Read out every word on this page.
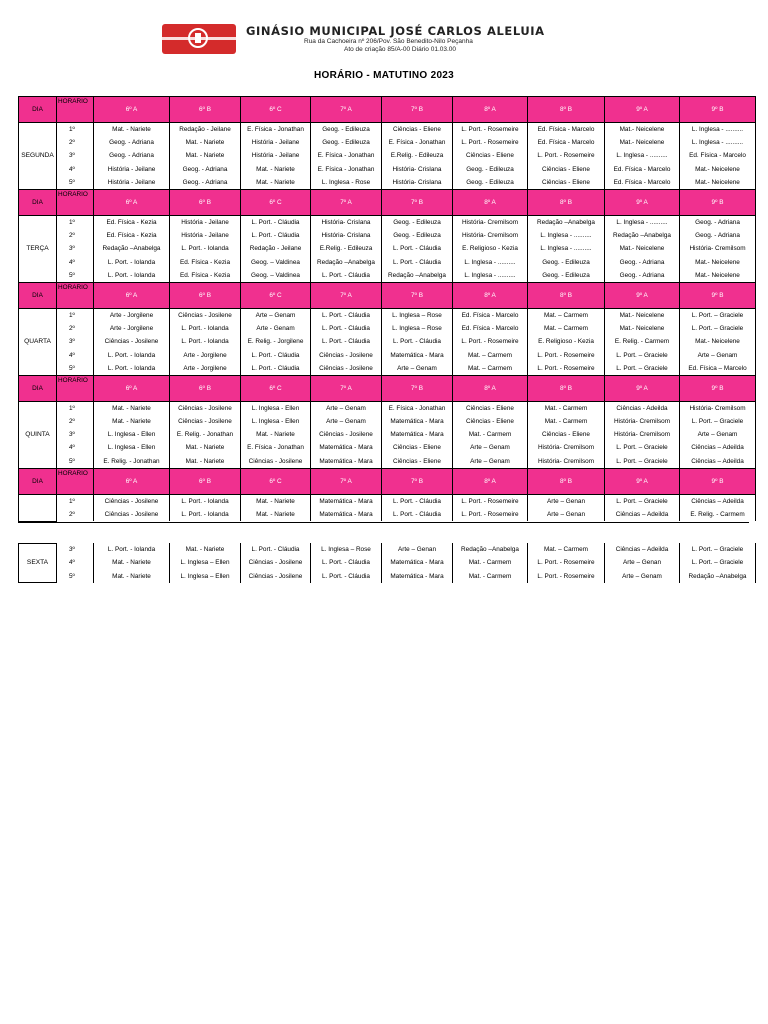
GINÁSIO MUNICIPAL JOSÉ CARLOS ALELUIA
Rua da Cachoeira nº 206/Pov. São Benedito-Nilo Peçanha
Ato de criação 85/A-00 Diário 01.03.00
HORÁRIO - MATUTINO 2023
DIA	HORARIO	6º A	6º B	6º C	7º A	7º B	8º A	8º B	9º A	9º B
SEGUNDA	1º	Mat. - Nariete	Redação - Jeilane	E. Física - Jonathan	Geog. - Edileuza	Ciências - Eliene	L. Port. - Rosemeire	Ed. Física - Marcelo	Mat.- Neicelene	L. Inglesa - ..........
	2º	Geog. - Adriana	Mat. - Nariete	História - Jeilane	Geog. - Edileuza	E. Física - Jonathan	L. Port. - Rosemeire	Ed. Física - Marcelo	Mat.- Neicelene	L. Inglesa - ..........
	3º	Geog. - Adriana	Mat. - Nariete	História - Jeilane	E. Física - Jonathan	E.Relig. - Edileuza	Ciências - Eliene	L. Port. - Rosemeire	L. Inglesa - ..........	Ed. Física - Marcelo
	4º	História - Jeilane	Geog. - Adriana	Mat. - Nariete	E. Física - Jonathan	História- Crislana	Geog. - Edileuza	Ciências - Eliene	Ed. Física - Marcelo	Mat.- Neicelene
	5º	História - Jeilane	Geog. - Adriana	Mat. - Nariete	L. Inglesa - Rose	História- Crislana	Geog. - Edileuza	Ciências - Eliene	Ed. Física - Marcelo	Mat.- Neicelene
DIA	HORARIO	6º A	6º B	6º C	7º A	7º B	8º A	8º B	9º A	9º B
TERÇA	1º	Ed. Física - Kezia	História - Jeilane	L. Port. - Cláudia	História- Crislana	Geog. - Edileuza	História- Cremilsom	Redação –Anabelga	L. Inglesa - ..........	Geog. - Adriana
	2º	Ed. Física - Kezia	História - Jeilane	L. Port. - Cláudia	História- Crislana	Geog. - Edileuza	História- Cremilsom	L. Inglesa - ..........	Redação –Anabelga	Geog. - Adriana
	3º	Redação –Anabelga	L. Port. - Iolanda	Redação - Jeilane	E.Relig. - Edileuza	L. Port. - Cláudia	E. Religioso - Kezia	L. Inglesa - ..........	Mat.- Neicelene	História- Cremilsom
	4º	L. Port. - Iolanda	Ed. Física - Kezia	Geog. – Valdinea	Redação –Anabelga	L. Port. - Cláudia	L. Inglesa - ..........	Geog. - Edileuza	Geog. - Adriana	Mat.- Neicelene
	5º	L. Port. - Iolanda	Ed. Física - Kezia	Geog. – Valdinea	L. Port. - Cláudia	Redação –Anabelga	L. Inglesa - ..........	Geog. - Edileuza	Geog. - Adriana	Mat.- Neicelene
DIA	HORARIO	6º A	6º B	6º C	7º A	7º B	8º A	8º B	9º A	9º B
QUARTA	1º	Arte - Jorgilene	Ciências - Josilene	Arte – Genam	L. Port. - Cláudia	L. Inglesa – Rose	Ed. Física - Marcelo	Mat. – Carmem	Mat.- Neicelene	L. Port. – Graciele
	2º	Arte - Jorgilene	L. Port. - Iolanda	Arte - Genam	L. Port. - Cláudia	L. Inglesa – Rose	Ed. Física - Marcelo	Mat. – Carmem	Mat.- Neicelene	L. Port. – Graciele
	3º	Ciências - Josilene	L. Port. - Iolanda	E. Relig. - Jorgilene	L. Port. - Cláudia	L. Port. - Cláudia	L. Port. - Rosemeire	E. Religioso - Kezia	E. Relig. - Carmem	Mat.- Neicelene
	4º	L. Port. - Iolanda	Arte - Jorgilene	L. Port. - Cláudia	Ciências - Josilene	Matemática - Mara	Mat. – Carmem	L. Port. - Rosemeire	L. Port. – Graciele	Arte – Genam
	5º	L. Port. - Iolanda	Arte - Jorgilene	L. Port. - Cláudia	Ciências - Josilene	Arte – Genam	Mat. – Carmem	L. Port. - Rosemeire	L. Port. – Graciele	Ed. Física – Marcelo
DIA	HORARIO	6º A	6º B	6º C	7º A	7º B	8º A	8º B	9º A	9º B
QUINTA	1º	Mat. - Nariete	Ciências - Josilene	L. Inglesa - Ellen	Arte – Genam	E. Física - Jonathan	Ciências - Eliene	Mat. - Carmem	Ciências - Adeilda	História- Cremilsom
	2º	Mat. - Nariete	Ciências - Josilene	L. Inglesa - Ellen	Arte – Genam	Matemática - Mara	Ciências - Eliene	Mat. - Carmem	História- Cremilsom	L. Port. – Graciele
	3º	L. Inglesa - Ellen	E. Relig. - Jonathan	Mat. - Nariete	Ciências - Josilene	Matemática - Mara	Mat. - Carmem	Ciências - Eliene	História- Cremilsom	Arte – Genam
	4º	L. Inglesa - Ellen	Mat. - Nariete	E. Física - Jonathan	Matemática - Mara	Ciências - Eliene	Arte – Genam	História- Cremilsom	L. Port. – Graciele	Ciências – Adeilda
	5º	E. Relig. - Jonathan	Mat. - Nariete	Ciências - Josilene	Matemática - Mara	Ciências - Eliene	Arte – Genam	História- Cremilsom	L. Port. – Graciele	Ciências – Adeilda
DIA	HORARIO	6º A	6º B	6º C	7º A	7º B	8º A	8º B	9º A	9º B
	1º	Ciências - Josilene	L. Port. - Iolanda	Mat. - Nariete	Matemática - Mara	L. Port. - Cláudia	L. Port. - Rosemeire	Arte – Genan	L. Port. – Graciele	Ciências – Adeilda
	2º	Ciências - Josilene	L. Port. - Iolanda	Mat. - Nariete	Matemática - Mara	L. Port. - Cláudia	L. Port. - Rosemeire	Arte – Genan	Ciências – Adeilda	E. Relig. - Carmem
SEXTA	3º	L. Port. - Iolanda	Mat. - Nariete	L. Port. - Cláudia	L. Inglesa – Rose	Arte – Genan	Redação –Anabelga	Mat. – Carmem	Ciências – Adeilda	L. Port. – Graciele
	4º	Mat. - Nariete	L. Inglesa – Ellen	Ciências - Josilene	L. Port. - Cláudia	Matemática - Mara	Mat. - Carmem	L. Port. - Rosemeire	Arte – Genan	L. Port. – Graciele
	5º	Mat. - Nariete	L. Inglesa – Ellen	Ciências - Josilene	L. Port. - Cláudia	Matemática - Mara	Mat. - Carmem	L. Port. - Rosemeire	Arte – Genam	Redação –Anabelga
